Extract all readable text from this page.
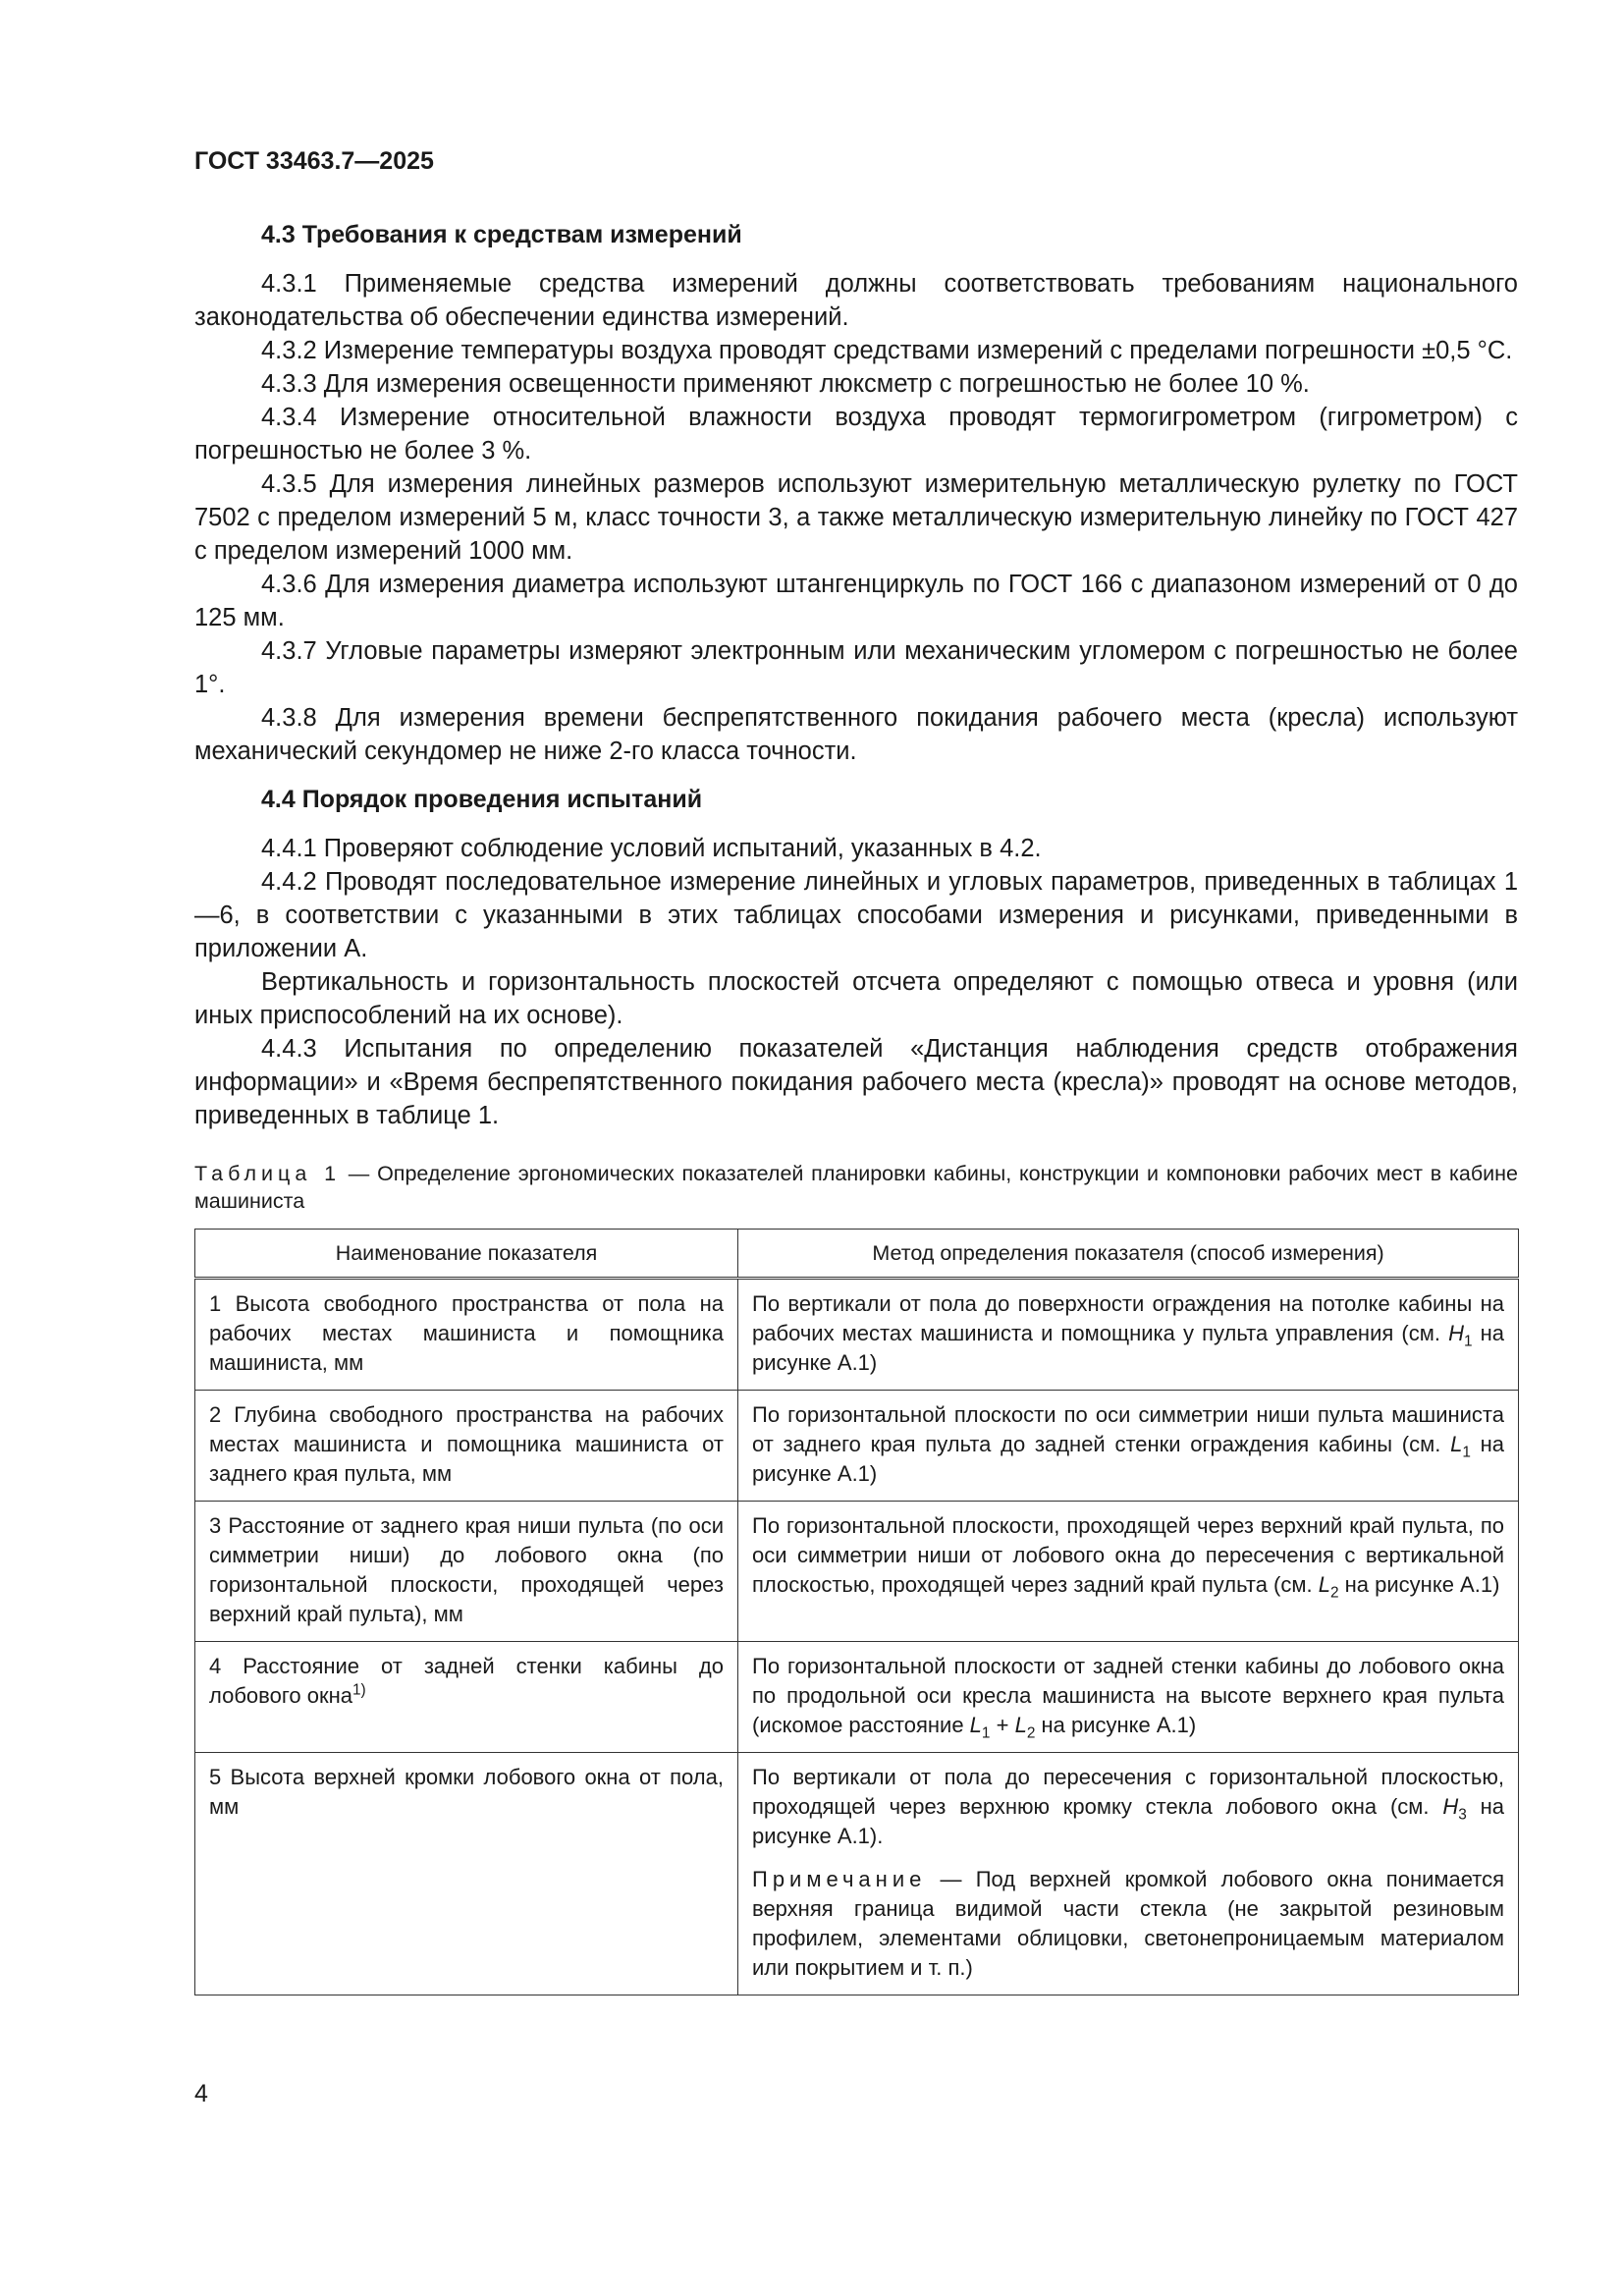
ГОСТ 33463.7—2025
4.3 Требования к средствам измерений

4.3.1 Применяемые средства измерений должны соответствовать требованиям национального законодательства об обеспечении единства измерений.

4.3.2 Измерение температуры воздуха проводят средствами измерений с пределами погрешности ±0,5 °С.

4.3.3 Для измерения освещенности применяют люксметр с погрешностью не более 10 %.

4.3.4 Измерение относительной влажности воздуха проводят термогигрометром (гигрометром) с погрешностью не более 3 %.

4.3.5 Для измерения линейных размеров используют измерительную металлическую рулетку по ГОСТ 7502 с пределом измерений 5 м, класс точности 3, а также металлическую измерительную линейку по ГОСТ 427 с пределом измерений 1000 мм.

4.3.6 Для измерения диаметра используют штангенциркуль по ГОСТ 166 с диапазоном измерений от 0 до 125 мм.

4.3.7 Угловые параметры измеряют электронным или механическим угломером с погрешностью не более 1°.

4.3.8 Для измерения времени беспрепятственного покидания рабочего места (кресла) используют механический секундомер не ниже 2-го класса точности.

4.4 Порядок проведения испытаний

4.4.1 Проверяют соблюдение условий испытаний, указанных в 4.2.

4.4.2 Проводят последовательное измерение линейных и угловых параметров, приведенных в таблицах 1—6, в соответствии с указанными в этих таблицах способами измерения и рисунками, приведенными в приложении А.

Вертикальность и горизонтальность плоскостей отсчета определяют с помощью отвеса и уровня (или иных приспособлений на их основе).

4.4.3 Испытания по определению показателей «Дистанция наблюдения средств отображения информации» и «Время беспрепятственного покидания рабочего места (кресла)» проводят на основе методов, приведенных в таблице 1.

Таблица 1 — Определение эргономических показателей планировки кабины, конструкции и компоновки рабочих мест в кабине машиниста
Наименование показателя	Метод определения показателя (способ измерения)
1 Высота свободного пространства от пола на рабочих местах машиниста и помощника машиниста, мм	По вертикали от пола до поверхности ограждения на потолке кабины на рабочих местах машиниста и помощника у пульта управления (см. $H_1$ на рисунке А.1)
2 Глубина свободного пространства на рабочих местах машиниста и помощника машиниста от заднего края пульта, мм	По горизонтальной плоскости по оси симметрии ниши пульта машиниста от заднего края пульта до задней стенки ограждения кабины (см. $L_1$ на рисунке А.1)
3 Расстояние от заднего края ниши пульта (по оси симметрии ниши) до лобового окна (по горизонтальной плоскости, проходящей через верхний край пульта), мм	По горизонтальной плоскости, проходящей через верхний край пульта, по оси симметрии ниши от лобового окна до пересечения с вертикальной плоскостью, проходящей через задний край пульта (см. $L_2$ на рисунке А.1)
4 Расстояние от задней стенки кабины до лобового окна$^{1)}$	По горизонтальной плоскости от задней стенки кабины до лобового окна по продольной оси кресла машиниста на высоте верхнего края пульта (искомое расстояние $L_1 + L_2$ на рисунке А.1)
5 Высота верхней кромки лобового окна от пола, мм	По вертикали от пола до пересечения с горизонтальной плоскостью, проходящей через верхнюю кромку стекла лобового окна (см. $H_3$ на рисунке А.1).
Примечание — Под верхней кромкой лобового окна понимается верхняя граница видимой части стекла (не закрытой резиновым профилем, элементами облицовки, светонепроницаемым материалом или покрытием и т. п.)
4
